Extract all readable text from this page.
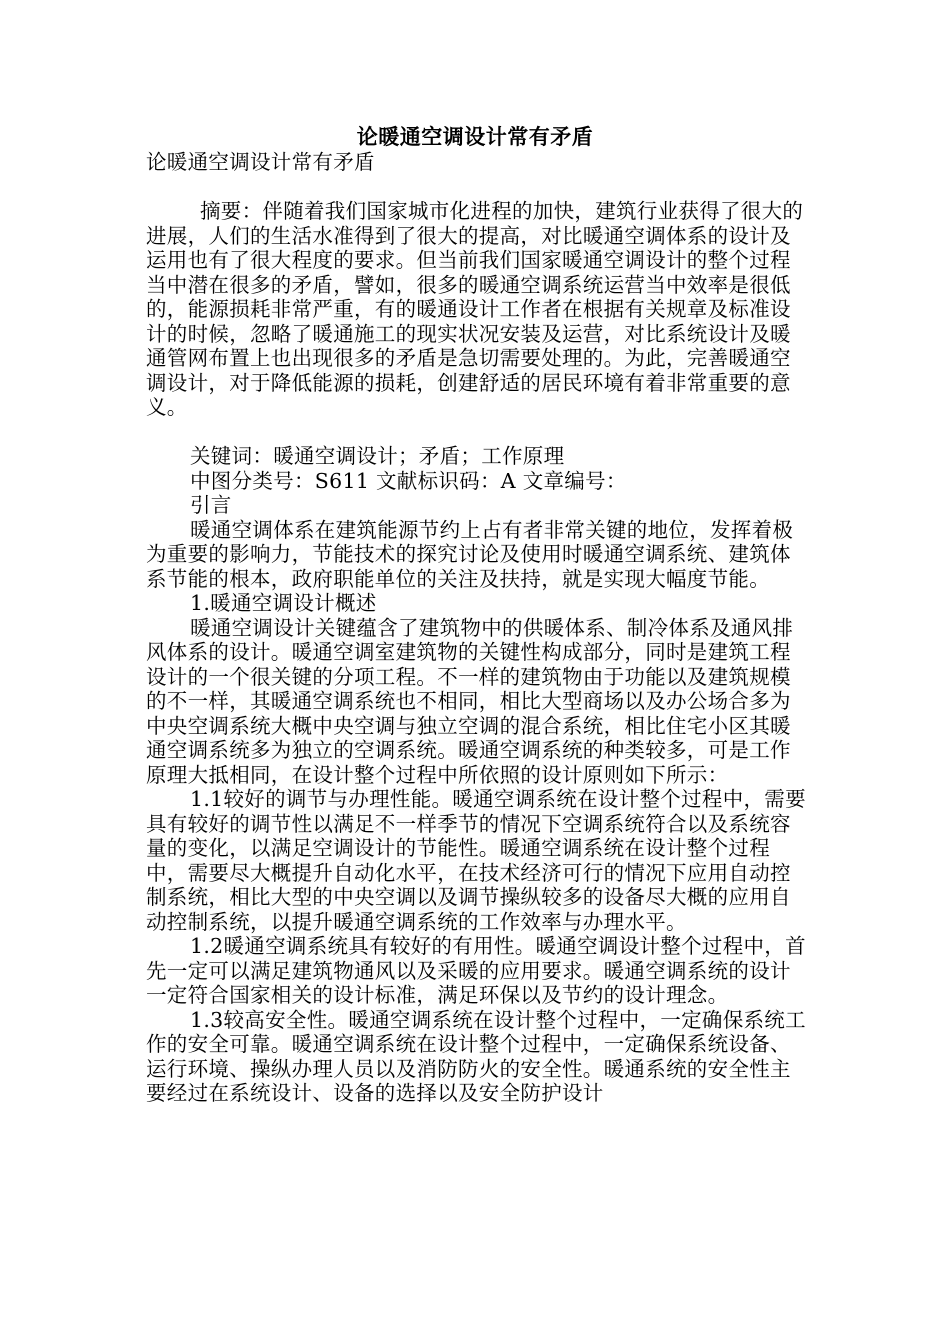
论暖通空调设计常有矛盾

论暖通空调设计常有矛盾

摘要：伴随着我们国家城市化进程的加快，建筑行业获得了很大的进展，人们的生活水准得到了很大的提高，对比暖通空调体系的设计及运用也有了很大程度的要求。但当前我们国家暖通空调设计的整个过程当中潜在很多的矛盾，譬如，很多的暖通空调系统运营当中效率是很低的，能源损耗非常严重，有的暖通设计工作者在根据有关规章及标准设计的时候，忽略了暖通施工的现实状况安装及运营，对比系统设计及暖通管网布置上也出现很多的矛盾是急切需要处理的。为此，完善暖通空调设计，对于降低能源的损耗，创建舒适的居民环境有着非常重要的意义。

关键词：暖通空调设计；矛盾；工作原理

中图分类号：S611 文献标识码：A 文章编号：

引言

暖通空调体系在建筑能源节约上占有者非常关键的地位，发挥着极为重要的影响力，节能技术的探究讨论及使用时暖通空调系统、建筑体系节能的根本，政府职能单位的关注及扶持，就是实现大幅度节能。

1.暖通空调设计概述

暖通空调设计关键蕴含了建筑物中的供暖体系、制冷体系及通风排风体系的设计。暖通空调室建筑物的关键性构成部分，同时是建筑工程设计的一个很关键的分项工程。不一样的建筑物由于功能以及建筑规模的不一样，其暖通空调系统也不相同，相比大型商场以及办公场合多为中央空调系统大概中央空调与独立空调的混合系统，相比住宅小区其暖通空调系统多为独立的空调系统。暖通空调系统的种类较多，可是工作原理大抵相同，在设计整个过程中所依照的设计原则如下所示：

1.1较好的调节与办理性能。暖通空调系统在设计整个过程中，需要具有较好的调节性以满足不一样季节的情况下空调系统符合以及系统容量的变化，以满足空调设计的节能性。暖通空调系统在设计整个过程中，需要尽大概提升自动化水平，在技术经济可行的情况下应用自动控制系统，相比大型的中央空调以及调节操纵较多的设备尽大概的应用自动控制系统，以提升暖通空调系统的工作效率与办理水平。

1.2暖通空调系统具有较好的有用性。暖通空调设计整个过程中，首先一定可以满足建筑物通风以及采暖的应用要求。暖通空调系统的设计一定符合国家相关的设计标准，满足环保以及节约的设计理念。

1.3较高安全性。暖通空调系统在设计整个过程中，一定确保系统工作的安全可靠。暖通空调系统在设计整个过程中，一定确保系统设备、运行环境、操纵办理人员以及消防防火的安全性。暖通系统的安全性主要经过在系统设计、设备的选择以及安全防护设计
